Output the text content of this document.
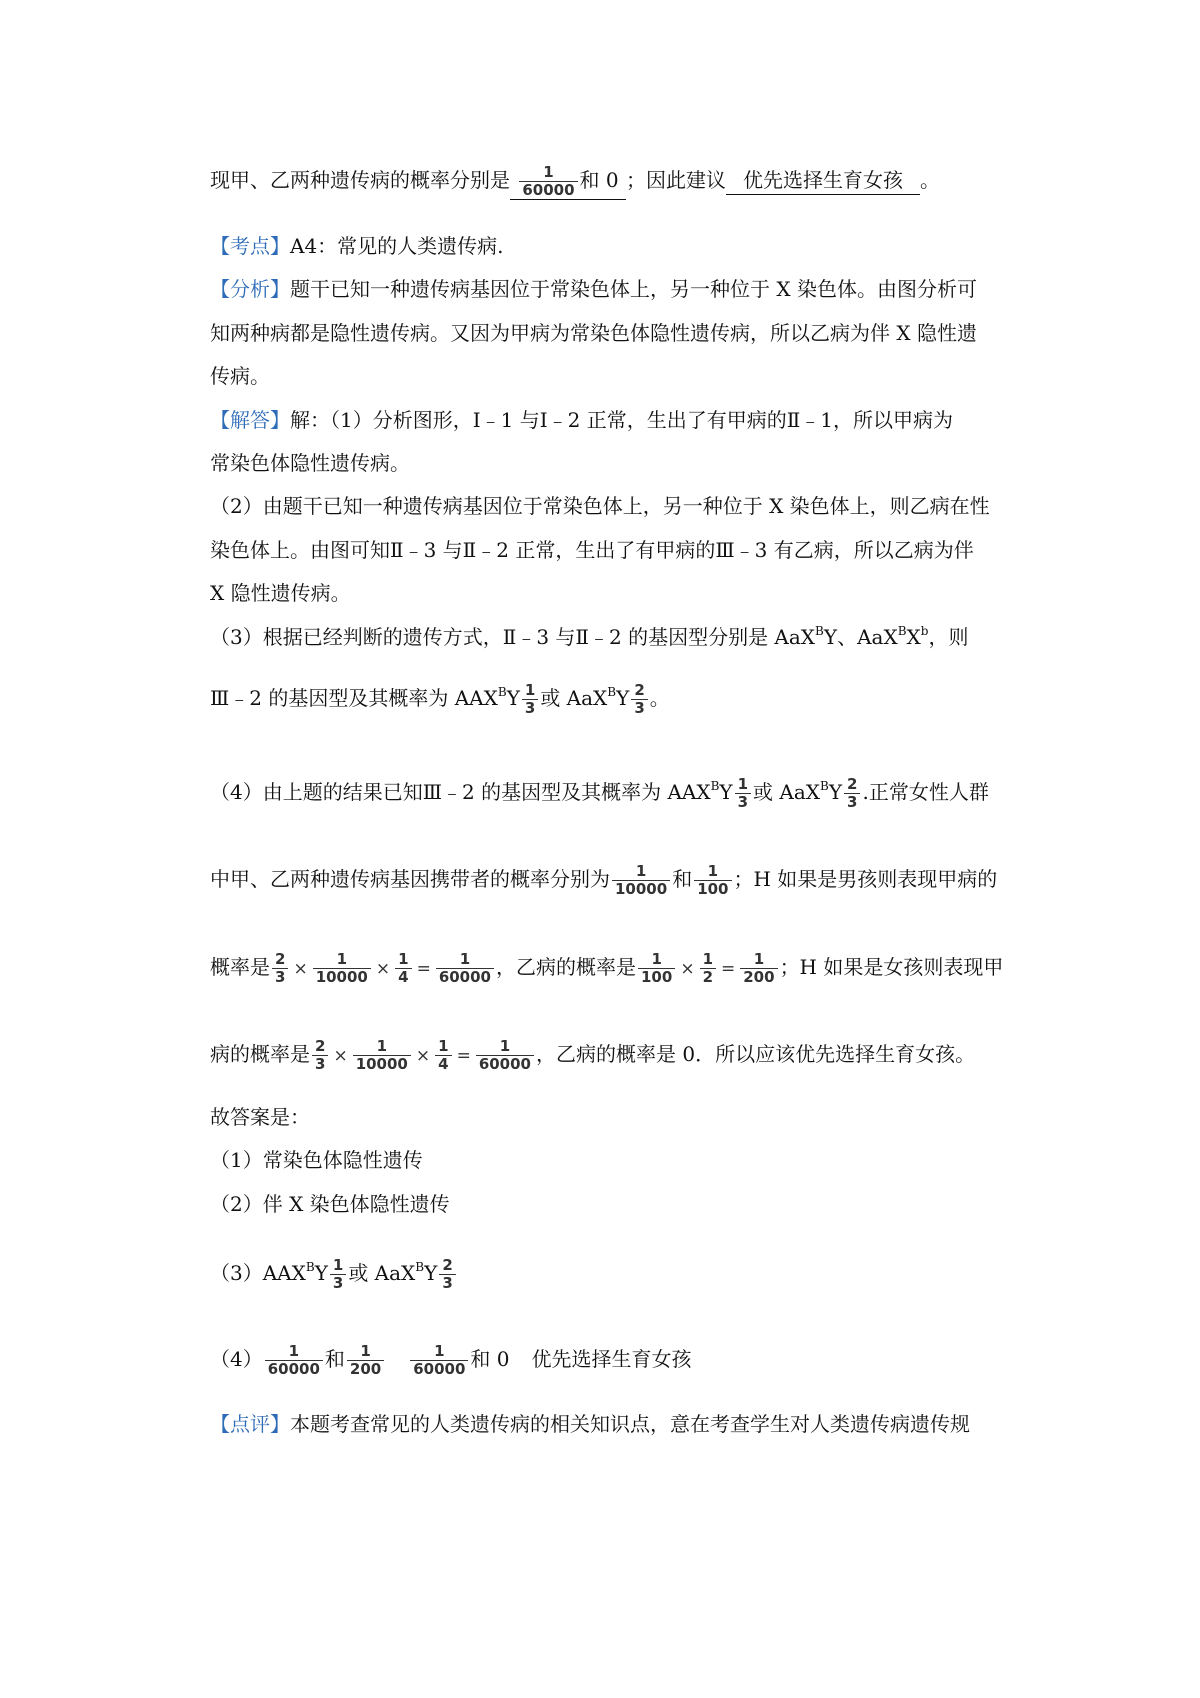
现甲、乙两种遗传病的概率分别是 $\frac{1}{60000}$ 和 0 ；因此建议 优先选择生育女孩 。
【考点】A4：常见的人类遗传病.
【分析】题干已知一种遗传病基因位于常染色体上，另一种位于 X 染色体。由图分析可
知两种病都是隐性遗传病。又因为甲病为常染色体隐性遗传病，所以乙病为伴 X 隐性遗
传病。
【解答】解：（1）分析图形，Ⅰ﹣1 与Ⅰ﹣2 正常，生出了有甲病的Ⅱ﹣1，所以甲病为
常染色体隐性遗传病。
（2）由题干已知一种遗传病基因位于常染色体上，另一种位于 X 染色体上，则乙病在性
染色体上。由图可知Ⅱ﹣3 与Ⅱ﹣2 正常，生出了有甲病的Ⅲ﹣3 有乙病，所以乙病为伴
X 隐性遗传病。
（3）根据已经判断的遗传方式，Ⅱ﹣3 与Ⅱ﹣2 的基因型分别是 AaX$^B$Y、$AaX^BX^b$，则
Ⅲ﹣2 的基因型及其概率为 $AAX^BY \frac{1}{3}$ 或 $AaX^BY \frac{2}{3}$ 。
（4）由上题的结果已知Ⅲ﹣2 的基因型及其概率为 $AAX^BY \frac{1}{3}$ 或 $AaX^BY \frac{2}{3}$ .正常女性人群
中甲、乙两种遗传病基因携带者的概率分别为 $\frac{1}{10000}$ 和 $\frac{1}{100}$ ；H 如果是男孩则表现甲病的
概率是 $\frac{2}{3} \times \frac{1}{10000} \times \frac{1}{4} = \frac{1}{60000}$ ，乙病的概率是 $\frac{1}{100} \times \frac{1}{2} = \frac{1}{200}$ ；H 如果是女孩则表现甲
病的概率是 $\frac{2}{3} \times \frac{1}{10000} \times \frac{1}{4} = \frac{1}{60000}$ ，乙病的概率是 0．所以应该优先选择生育女孩。
故答案是：
（1）常染色体隐性遗传
（2）伴 X 染色体隐性遗传
$(3)AAX^BY \frac{1}{3}$ 或 $AaX^BY \frac{2}{3}$
$(4) \frac{1}{60000}$ 和 $\frac{1}{200} \frac{1}{60000}$ 和 0 优先选择生育女孩
【点评】本题考查常见的人类遗传病的相关知识点，意在考查学生对人类遗传病遗传规
